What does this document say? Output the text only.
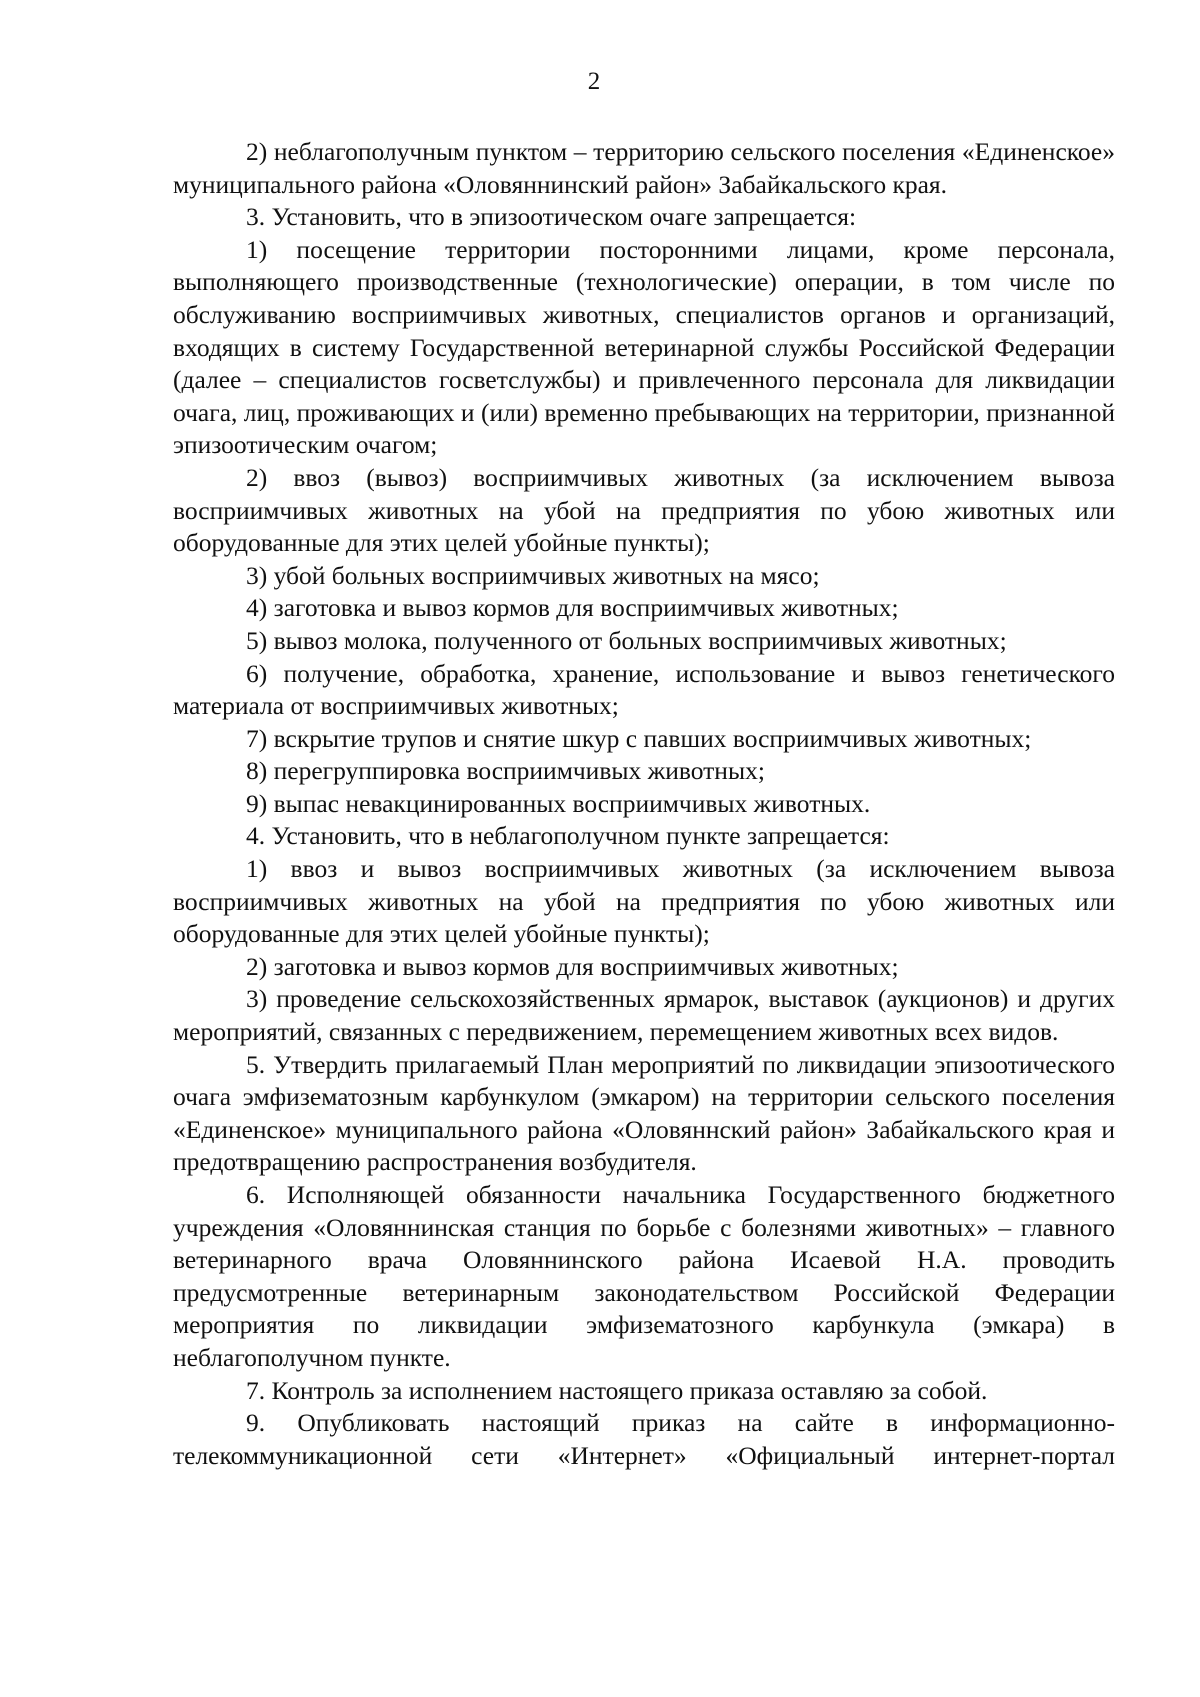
2

2) неблагополучным пунктом – территорию сельского поселения «Единенское» муниципального района «Оловяннинский район» Забайкальского края.

3. Установить, что в эпизоотическом очаге запрещается:

1) посещение территории посторонними лицами, кроме персонала, выполняющего производственные (технологические) операции, в том числе по обслуживанию восприимчивых животных, специалистов органов и организаций, входящих в систему Государственной ветеринарной службы Российской Федерации (далее – специалистов госветслужбы) и привлеченного персонала для ликвидации очага, лиц, проживающих и (или) временно пребывающих на территории, признанной эпизоотическим очагом;

2) ввоз (вывоз) восприимчивых животных (за исключением вывоза восприимчивых животных на убой на предприятия по убою животных или оборудованные для этих целей убойные пункты);

3) убой больных восприимчивых животных на мясо;

4) заготовка и вывоз кормов для восприимчивых животных;

5) вывоз молока, полученного от больных восприимчивых животных;

6) получение, обработка, хранение, использование и вывоз генетического материала от восприимчивых животных;

7) вскрытие трупов и снятие шкур с павших восприимчивых животных;

8) перегруппировка восприимчивых животных;

9) выпас невакцинированных восприимчивых животных.

4. Установить, что в неблагополучном пункте запрещается:

1) ввоз и вывоз восприимчивых животных (за исключением вывоза восприимчивых животных на убой на предприятия по убою животных или оборудованные для этих целей убойные пункты);

2) заготовка и вывоз кормов для восприимчивых животных;

3) проведение сельскохозяйственных ярмарок, выставок (аукционов) и других мероприятий, связанных с передвижением, перемещением животных всех видов.

5. Утвердить прилагаемый План мероприятий по ликвидации эпизоотического очага эмфизематозным карбункулом (эмкаром) на территории сельского поселения «Единенское» муниципального района «Оловяннский район» Забайкальского края и предотвращению распространения возбудителя.

6. Исполняющей обязанности начальника Государственного бюджетного учреждения «Оловяннинская станция по борьбе с болезнями животных» – главного ветеринарного врача Оловяннинского района Исаевой Н.А. проводить предусмотренные ветеринарным законодательством Российской Федерации мероприятия по ликвидации эмфизематозного карбункула (эмкара) в неблагополучном пункте.

7. Контроль за исполнением настоящего приказа оставляю за собой.

9. Опубликовать настоящий приказ на сайте в информационно-телекоммуникационной сети «Интернет» «Официальный интернет-портал
